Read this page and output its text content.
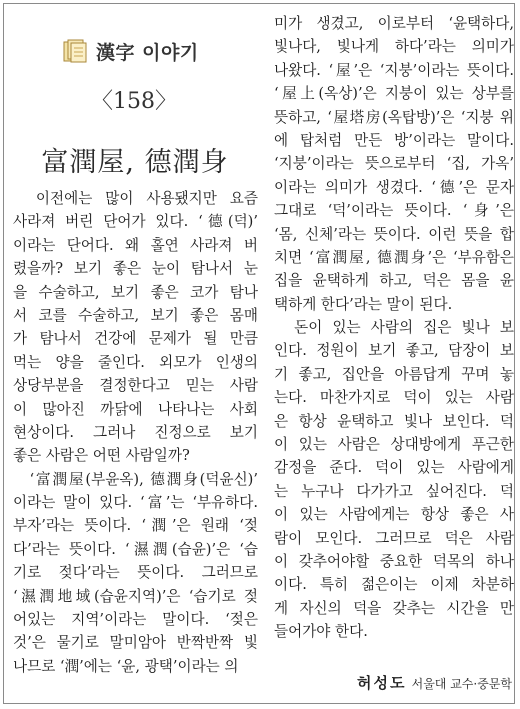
漢字 이야기
〈158〉
富潤屋, 德潤身
　이전에는 많이 사용됐지만 요즘
사라져 버린 단어가 있다. ‘德(덕)’
이라는 단어다. 왜 홀연 사라져 버
렸을까? 보기 좋은 눈이 탐나서 눈
을 수술하고, 보기 좋은 코가 탐나
서 코를 수술하고, 보기 좋은 몸매
가 탐나서 건강에 문제가 될 만큼
먹는 양을 줄인다. 외모가 인생의
상당부분을 결정한다고 믿는 사람
이 많아진 까닭에 나타나는 사회
현상이다. 그러나 진정으로 보기
좋은 사람은 어떤 사람일까?
　‘富潤屋(부윤옥), 德潤身(덕윤신)’
이라는 말이 있다. ‘富’는 ‘부유하다.
부자’라는 뜻이다. ‘潤’은 원래 ‘젖
다’라는 뜻이다. ‘濕潤(습윤)’은 ‘습
기로 젖다’라는 뜻이다. 그러므로
‘濕潤地域(습윤지역)’은 ‘습기로 젖
어있는 지역’이라는 말이다. ‘젖은
것’은 물기로 말미암아 반짝반짝 빛
나므로 ‘潤’에는 ‘윤, 광택’이라는 의
미가 생겼고, 이로부터 ‘윤택하다,
빛나다, 빛나게 하다’라는 의미가
나왔다. ‘屋’은 ‘지붕’이라는 뜻이다.
‘屋上(옥상)’은 지붕이 있는 상부를
뜻하고, ‘屋塔房(옥탑방)’은 ‘지붕 위
에 탑처럼 만든 방’이라는 말이다.
‘지붕’이라는 뜻으로부터 ‘집, 가옥’
이라는 의미가 생겼다. ‘德’은 문자
그대로 ‘덕’이라는 뜻이다. ‘身’은
‘몸, 신체’라는 뜻이다. 이런 뜻을 합
치면 ‘富潤屋, 德潤身’은 ‘부유함은
집을 윤택하게 하고, 덕은 몸을 윤
택하게 한다’라는 말이 된다.
　돈이 있는 사람의 집은 빛나 보
인다. 정원이 보기 좋고, 담장이 보
기 좋고, 집안을 아름답게 꾸며 놓
는다. 마찬가지로 덕이 있는 사람
은 항상 윤택하고 빛나 보인다. 덕
이 있는 사람은 상대방에게 푸근한
감정을 준다. 덕이 있는 사람에게
는 누구나 다가가고 싶어진다. 덕
이 있는 사람에게는 항상 좋은 사
람이 모인다. 그러므로 덕은 사람
이 갖추어야할 중요한 덕목의 하나
이다. 특히 젊은이는 이제 차분하
게 자신의 덕을 갖추는 시간을 만
들어가야 한다.
허성도 서울대 교수·중문학
